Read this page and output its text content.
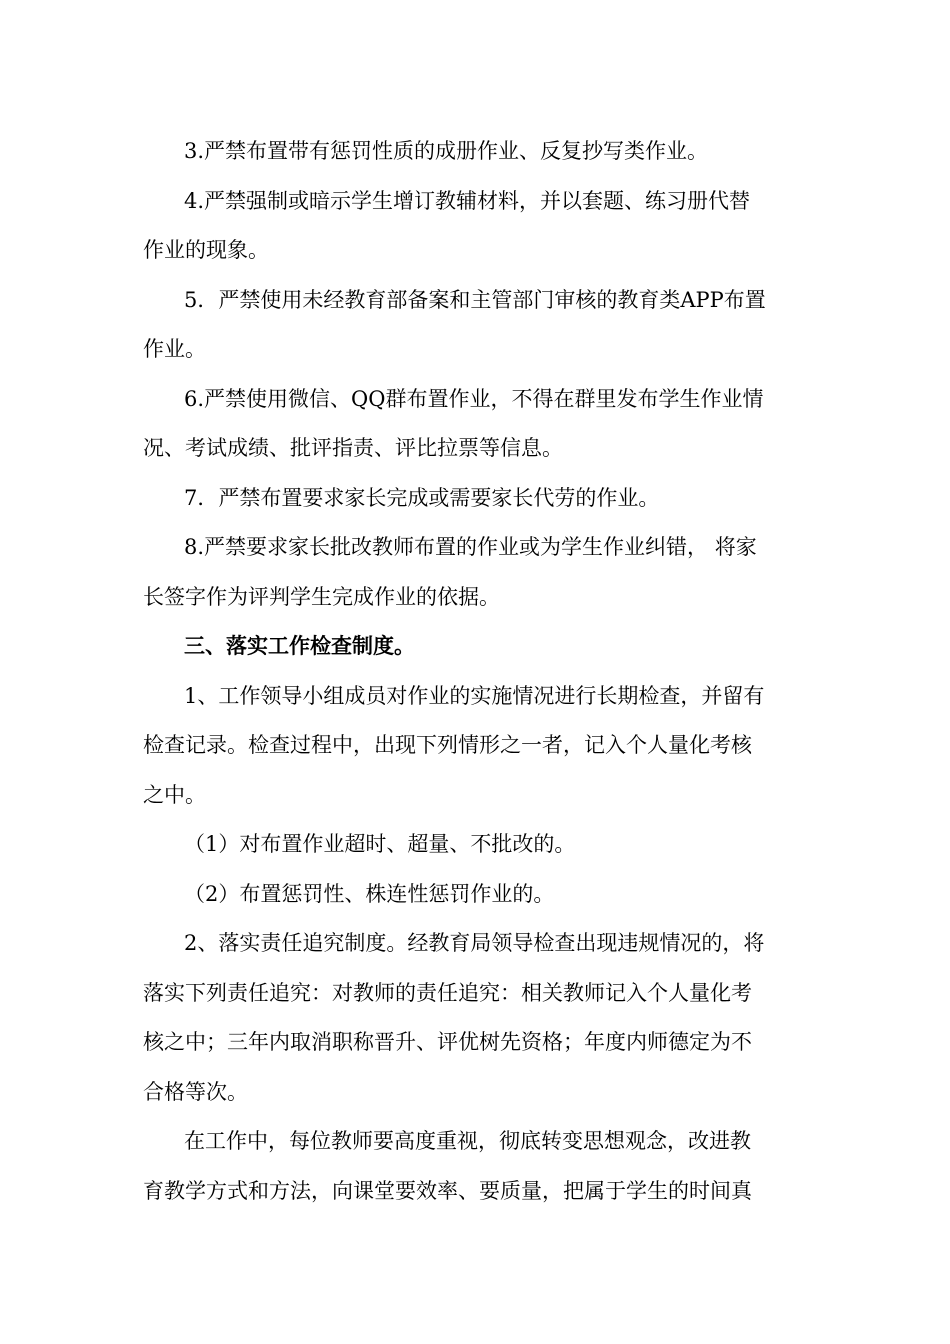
3.严禁布置带有惩罚性质的成册作业、反复抄写类作业。
4.严禁强制或暗示学生增订教辅材料，并以套题、练习册代替
作业的现象。
5．严禁使用未经教育部备案和主管部门审核的教育类APP布置
作业。
6.严禁使用微信、QQ群布置作业，不得在群里发布学生作业情
况、考试成绩、批评指责、评比拉票等信息。
7．严禁布置要求家长完成或需要家长代劳的作业。
8.严禁要求家长批改教师布置的作业或为学生作业纠错， 将家
长签字作为评判学生完成作业的依据。
三、落实工作检查制度。
1、工作领导小组成员对作业的实施情况进行长期检查，并留有
检查记录。检查过程中，出现下列情形之一者，记入个人量化考核
之中。
（1）对布置作业超时、超量、不批改的。
（2）布置惩罚性、株连性惩罚作业的。
2、落实责任追究制度。经教育局领导检查出现违规情况的，将
落实下列责任追究：对教师的责任追究：相关教师记入个人量化考
核之中；三年内取消职称晋升、评优树先资格；年度内师德定为不
合格等次。
在工作中，每位教师要高度重视，彻底转变思想观念，改进教
育教学方式和方法，向课堂要效率、要质量，把属于学生的时间真
